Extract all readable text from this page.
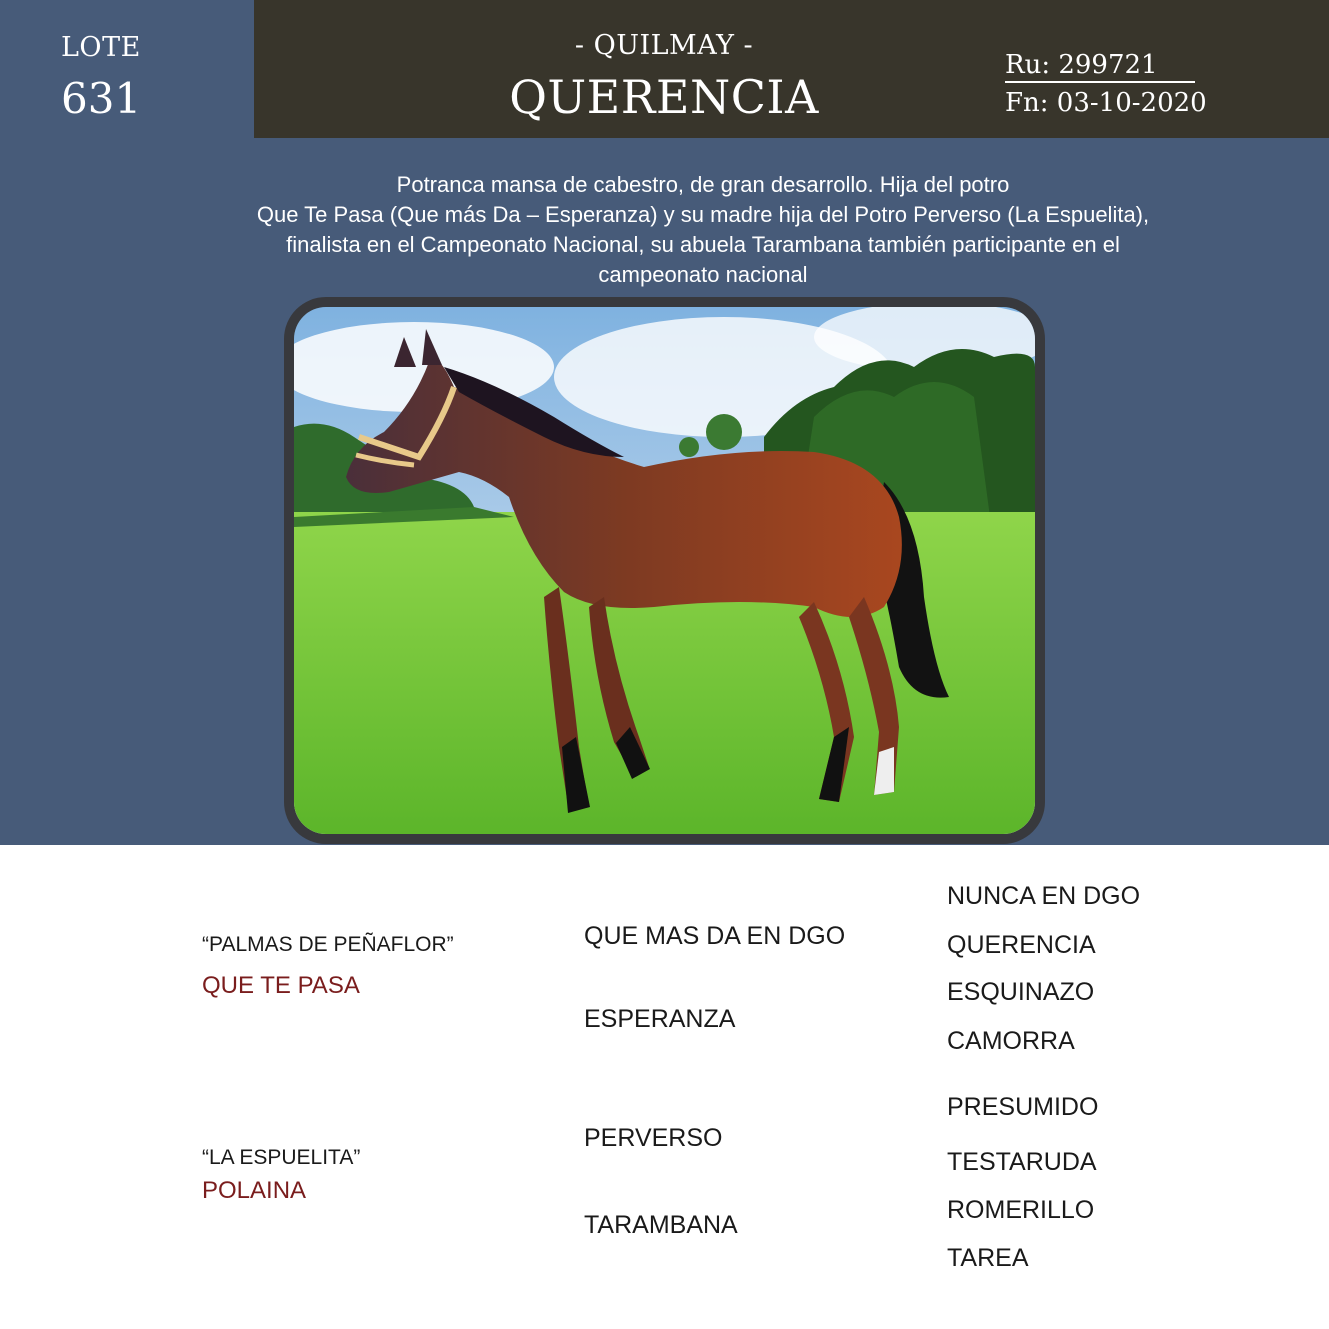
LOTE
631
- QUILMAY -
QUERENCIA
Ru: 299721
Fn: 03-10-2020
Potranca mansa de cabestro, de gran desarrollo. Hija del potro
Que Te Pasa (Que más Da – Esperanza) y su madre hija del Potro Perverso (La Espuelita),
finalista en el Campeonato Nacional, su abuela Tarambana también participante en el
campeonato nacional
“PALMAS DE PEÑAFLOR”
QUE TE PASA
QUE MAS DA EN DGO
ESPERANZA
NUNCA EN DGO
QUERENCIA
ESQUINAZO
CAMORRA
“LA ESPUELITA”
POLAINA
PERVERSO
TARAMBANA
PRESUMIDO
TESTARUDA
ROMERILLO
TAREA
